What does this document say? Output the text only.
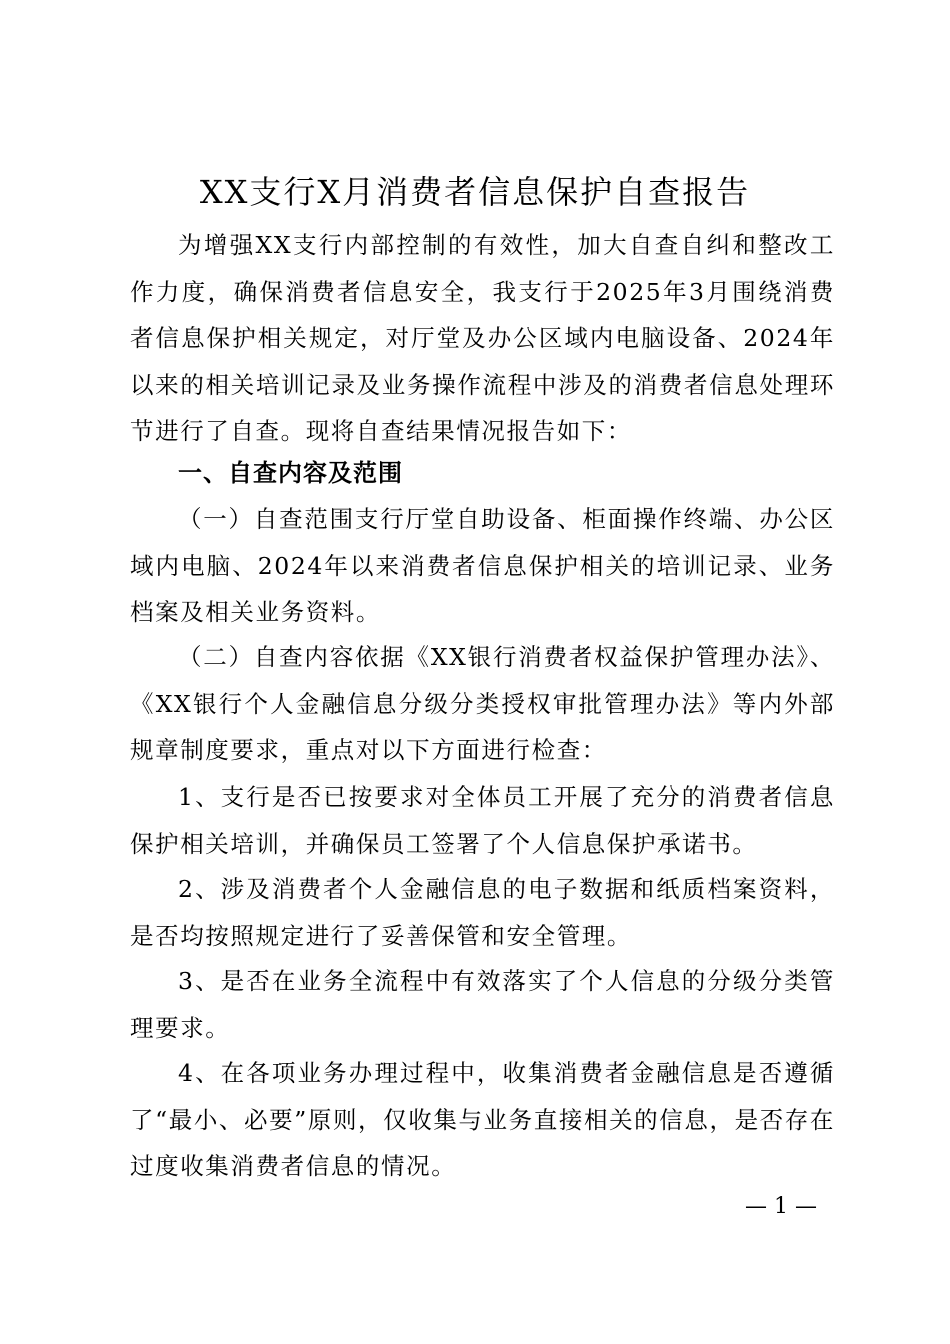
XX支行X月消费者信息保护自查报告
为增强XX支行内部控制的有效性，加大自查自纠和整改工作力度，确保消费者信息安全，我支行于2025年3月围绕消费者信息保护相关规定，对厅堂及办公区域内电脑设备、2024年以来的相关培训记录及业务操作流程中涉及的消费者信息处理环节进行了自查。现将自查结果情况报告如下：
一、自查内容及范围
（一）自查范围支行厅堂自助设备、柜面操作终端、办公区域内电脑、2024年以来消费者信息保护相关的培训记录、业务档案及相关业务资料。
（二）自查内容依据《XX银行消费者权益保护管理办法》、《XX银行个人金融信息分级分类授权审批管理办法》等内外部规章制度要求，重点对以下方面进行检查：
1、支行是否已按要求对全体员工开展了充分的消费者信息保护相关培训，并确保员工签署了个人信息保护承诺书。
2、涉及消费者个人金融信息的电子数据和纸质档案资料，是否均按照规定进行了妥善保管和安全管理。
3、是否在业务全流程中有效落实了个人信息的分级分类管理要求。
4、在各项业务办理过程中，收集消费者金融信息是否遵循了“最小、必要”原则，仅收集与业务直接相关的信息，是否存在过度收集消费者信息的情况。
— 1 —
